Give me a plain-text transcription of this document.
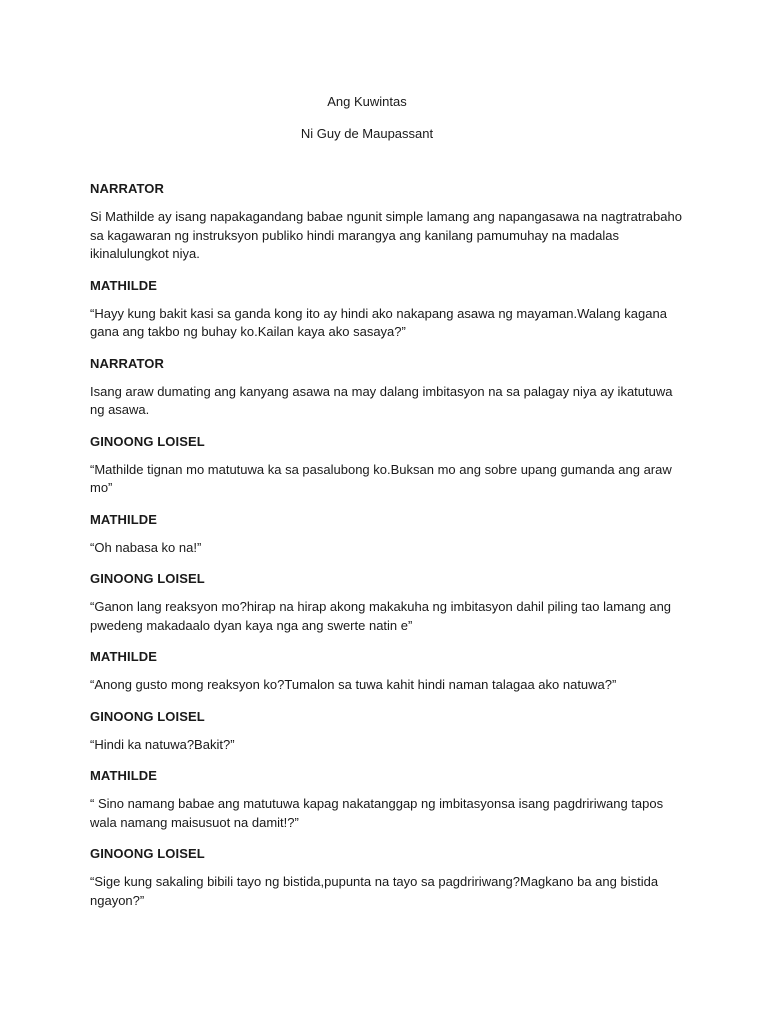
Ang Kuwintas

Ni Guy de Maupassant

NARRATOR

Si Mathilde ay isang napakagandang babae ngunit simple lamang ang napangasawa na nagtratrabaho sa kagawaran ng instruksyon publiko hindi marangya ang kanilang pamumuhay na madalas ikinalulungkot niya.

MATHILDE

“Hayy kung bakit kasi sa ganda kong ito ay hindi ako nakapang asawa ng mayaman.Walang kagana gana ang takbo ng buhay ko.Kailan kaya ako sasaya?”

NARRATOR

Isang araw dumating ang kanyang asawa na may dalang imbitasyon na sa palagay niya ay ikatutuwa ng asawa.

GINOONG LOISEL

“Mathilde tignan mo matutuwa ka sa pasalubong ko.Buksan mo ang sobre upang gumanda ang araw mo”

MATHILDE

“Oh nabasa ko na!”

GINOONG LOISEL

“Ganon lang reaksyon mo?hirap na hirap akong makakuha ng imbitasyon dahil piling tao lamang ang pwedeng makadaalo dyan kaya nga ang swerte natin e”

MATHILDE

“Anong gusto mong reaksyon ko?Tumalon sa tuwa kahit hindi naman talagaa ako natuwa?”

GINOONG LOISEL

“Hindi ka natuwa?Bakit?”

MATHILDE

“ Sino namang babae ang matutuwa kapag nakatanggap ng imbitasyonsa isang pagdririwang tapos wala namang maisusuot na damit!?”

GINOONG LOISEL

“Sige kung sakaling bibili tayo ng bistida,pupunta na tayo sa pagdririwang?Magkano ba ang bistida ngayon?”
